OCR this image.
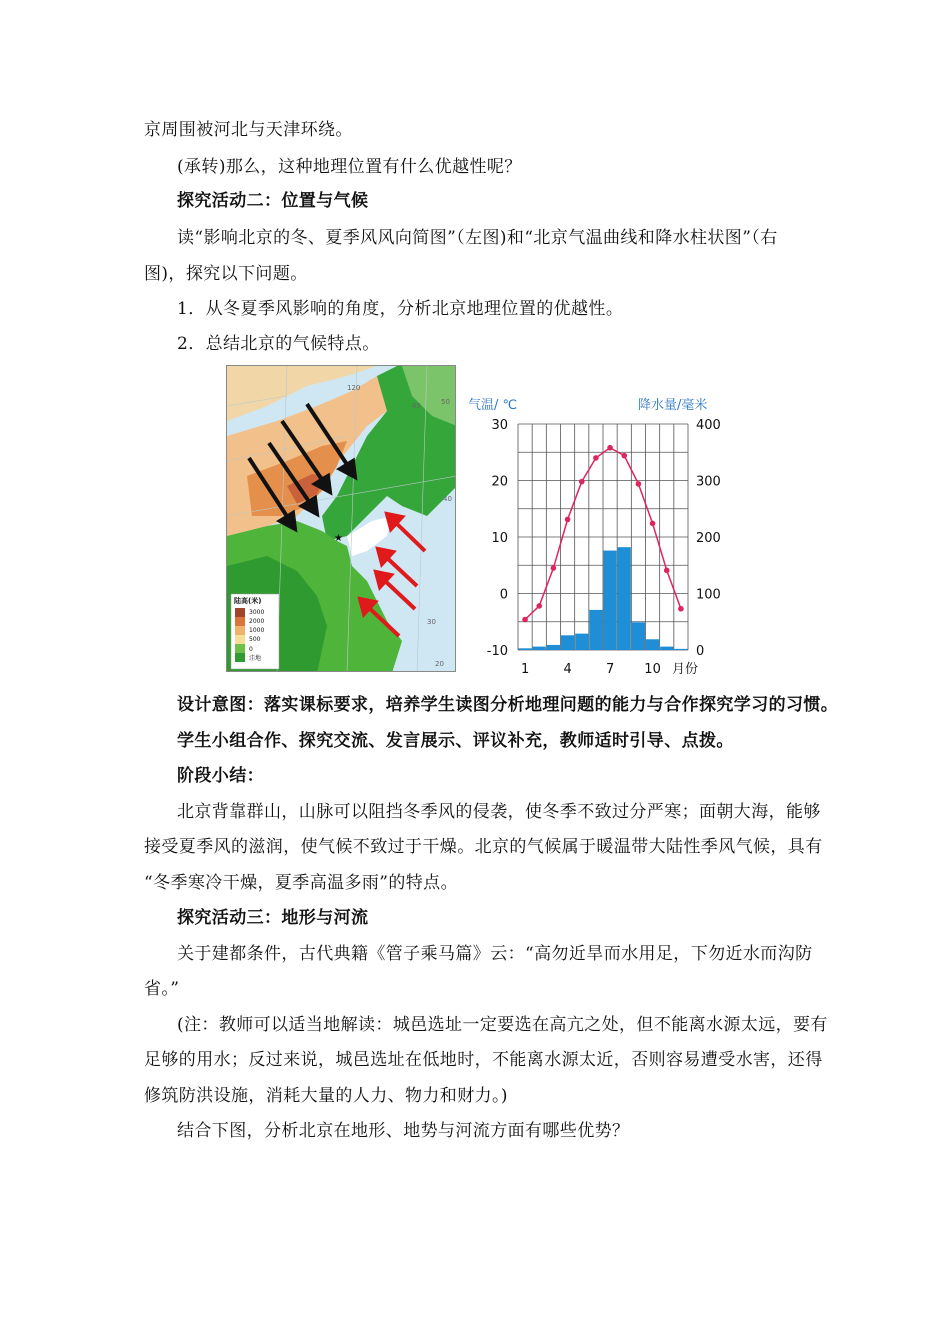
京周围被河北与天津环绕。
(承转)那么，这种地理位置有什么优越性呢？
探究活动二：位置与气候
读“影响北京的冬、夏季风风向简图”（左图)和“北京气温曲线和降水柱状图”（右
图)，探究以下问题。
1．从冬夏季风影响的角度，分析北京地理位置的优越性。
2．总结北京的气候特点。
120
45	50
40
30
20
★
陆高(米)
3000
2000
1000
500
0
洼地
30
20
10
0
-10
400
300
200
100
0
1	4	7 10
气温/ ℃	降水量/毫米
月份
设计意图：落实课标要求，培养学生读图分析地理问题的能力与合作探究学习的习惯。
学生小组合作、探究交流、发言展示、评议补充，教师适时引导、点拨。
阶段小结：
北京背靠群山，山脉可以阻挡冬季风的侵袭，使冬季不致过分严寒；面朝大海，能够
接受夏季风的滋润，使气候不致过于干燥。北京的气候属于暖温带大陆性季风气候，具有
“冬季寒冷干燥，夏季高温多雨”的特点。
探究活动三：地形与河流
关于建都条件，古代典籍《管子乘马篇》云：“高勿近旱而水用足，下勿近水而沟防
省。”
(注：教师可以适当地解读：城邑选址一定要选在高亢之处，但不能离水源太远，要有
足够的用水；反过来说，城邑选址在低地时，不能离水源太近，否则容易遭受水害，还得
修筑防洪设施，消耗大量的人力、物力和财力。)
结合下图，分析北京在地形、地势与河流方面有哪些优势？
